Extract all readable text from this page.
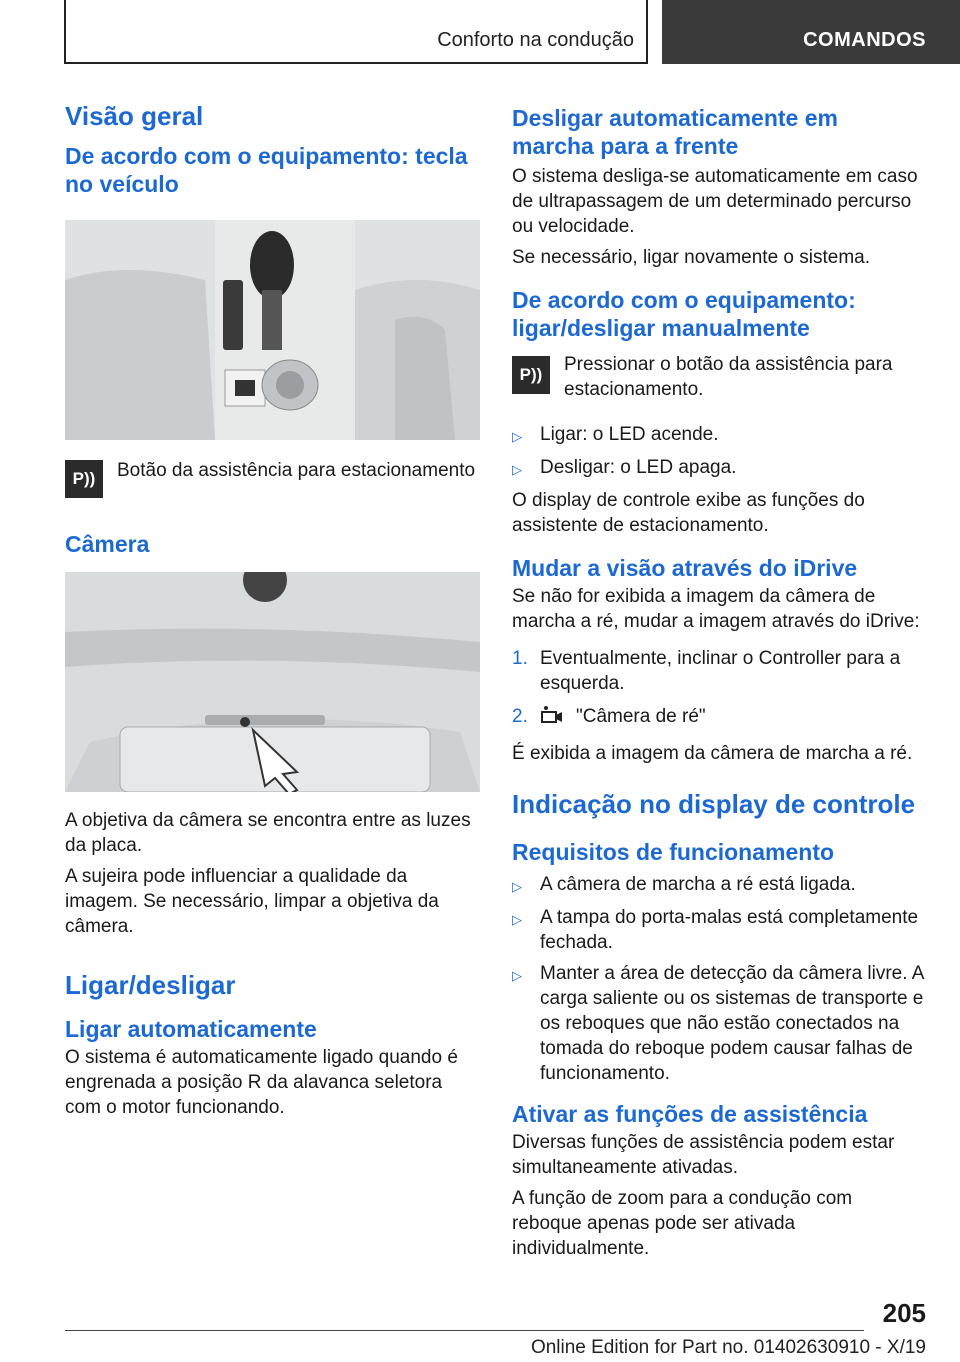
Conforto na condução	COMANDOS
Visão geral
De acordo com o equipamento: tecla no veículo
P ))	Botão da assistência para estacionamento

Câmera

A objetiva da câmera se encontra entre as luzes da placa.

A sujeira pode influenciar a qualidade da imagem. Se necessário, limpar a objetiva da câmera.

Ligar/desligar
Ligar automaticamente

O sistema é automaticamente ligado quando é engrenada a posição R da alavanca seletora com o motor funcionando.

Desligar automaticamente em marcha para a frente

O sistema desliga-se automaticamente em caso de ultrapassagem de um determinado percurso ou velocidade.

Se necessário, ligar novamente o sistema.

De acordo com o equipamento: ligar/desligar manualmente
P ))	Pressionar o botão da assistência para estacionamento.

▷ Ligar: o LED acende.
▷ Desligar: o LED apaga.

O display de controle exibe as funções do assistente de estacionamento.

Mudar a visão através do iDrive

Se não for exibida a imagem da câmera de marcha a ré, mudar a imagem através do iDrive:

1. Eventualmente, inclinar o Controller para a esquerda.
2.	"Câmera de ré"

É exibida a imagem da câmera de marcha a ré.

Indicação no display de controle
Requisitos de funcionamento
▷ A câmera de marcha a ré está ligada.
▷ A tampa do porta-malas está completamente fechada.
▷ Manter a área de detecção da câmera livre. A carga saliente ou os sistemas de transporte e os reboques que não estão conectados na tomada do reboque podem causar falhas de funcionamento.
Ativar as funções de assistência

Diversas funções de assistência podem estar simultaneamente ativadas.

A função de zoom para a condução com reboque apenas pode ser ativada individualmente.

205
Online Edition for Part no. 01402630910 - X/19
